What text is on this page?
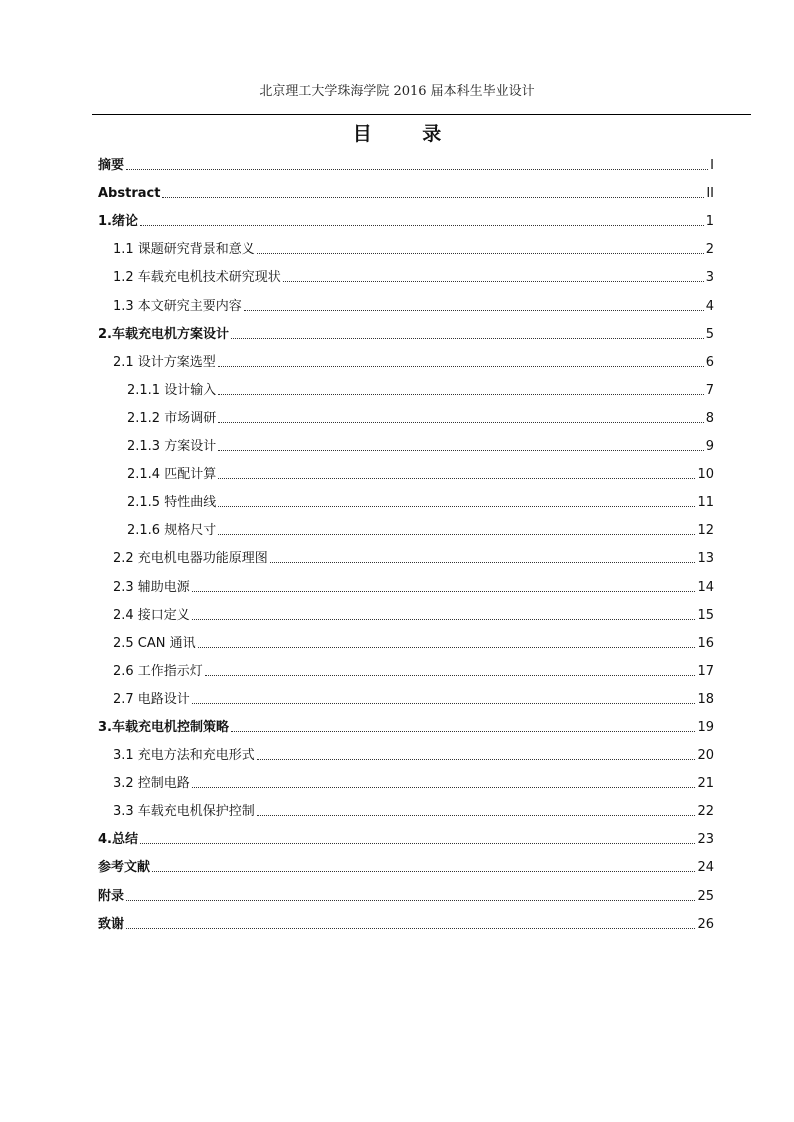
北京理工大学珠海学院 2016 届本科生毕业设计
目 录
摘要	I
Abstract	II
1.绪论	1
1.1 课题研究背景和意义	2
1.2 车载充电机技术研究现状	3
1.3 本文研究主要内容	4
2.车载充电机方案设计	5
2.1 设计方案选型	6
2.1.1 设计输入	7
2.1.2 市场调研	8
2.1.3 方案设计	9
2.1.4 匹配计算	10
2.1.5 特性曲线	11
2.1.6 规格尺寸	12
2.2 充电机电器功能原理图	13
2.3 辅助电源	14
2.4 接口定义	15
2.5 CAN 通讯	16
2.6 工作指示灯	17
2.7 电路设计	18
3.车载充电机控制策略	19
3.1 充电方法和充电形式	20
3.2 控制电路	21
3.3 车载充电机保护控制	22
4.总结	23
参考文献	24
附录	25
致谢	26
